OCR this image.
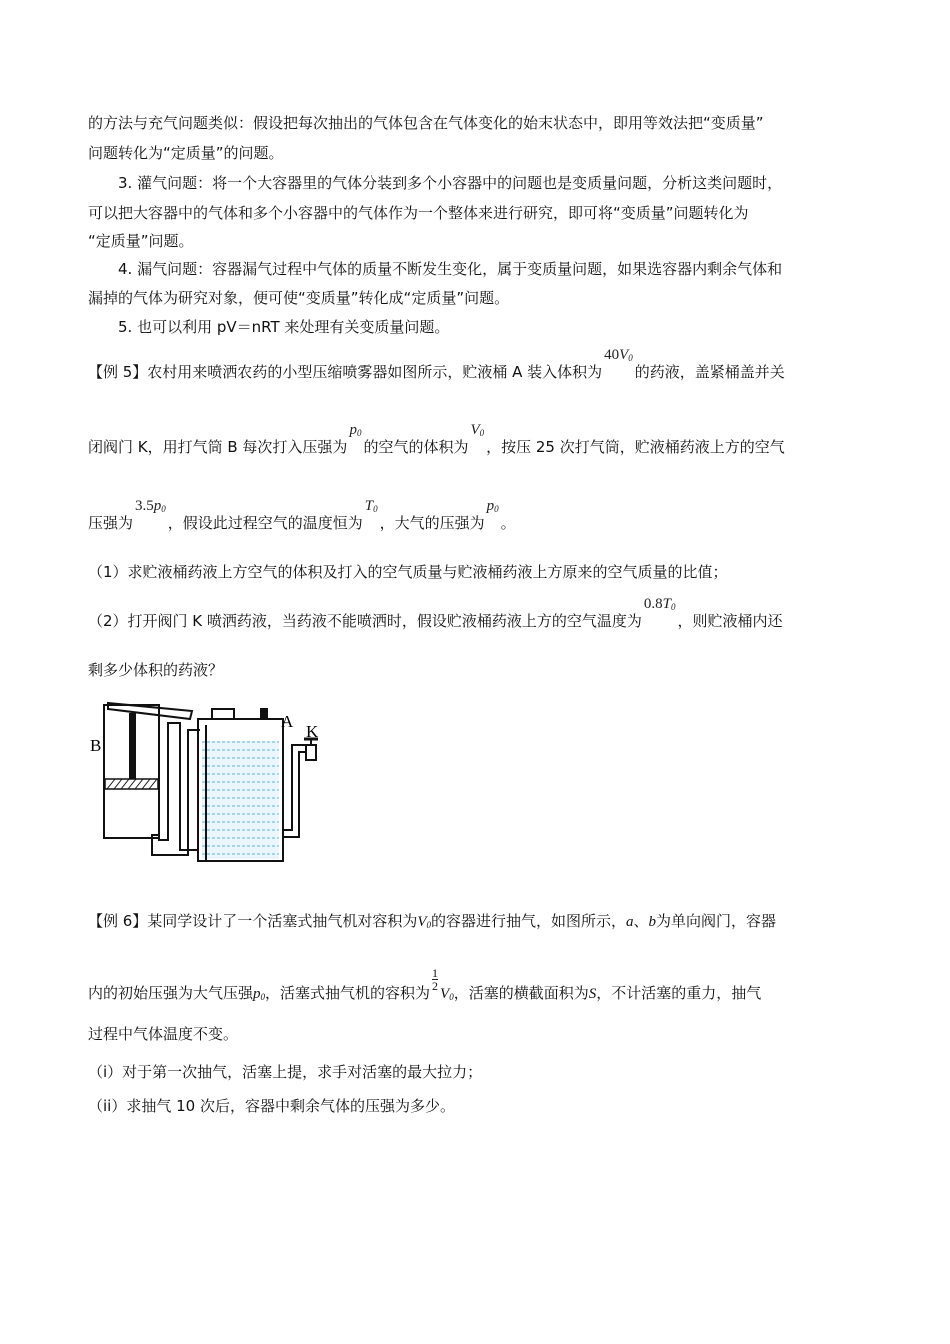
的方法与充气问题类似：假设把每次抽出的气体包含在气体变化的始末状态中，即用等效法把“变质量”
问题转化为“定质量”的问题。
3. 灌气问题：将一个大容器里的气体分装到多个小容器中的问题也是变质量问题，分析这类问题时，
可以把大容器中的气体和多个小容器中的气体作为一个整体来进行研究，即可将“变质量”问题转化为
“定质量”问题。
4. 漏气问题：容器漏气过程中气体的质量不断发生变化，属于变质量问题，如果选容器内剩余气体和
漏掉的气体为研究对象，便可使“变质量”转化成“定质量”问题。
5. 也可以利用 pV＝nRT 来处理有关变质量问题。
【例 5】农村用来喷洒农药的小型压缩喷雾器如图所示，贮液桶 A 装入体积为$40V_0$的药液，盖紧桶盖并关
闭阀门 K，用打气筒 B 每次打入压强为$p_0$的空气的体积为$V_0$，按压 25 次打气筒，贮液桶药液上方的空气
压强为$3.5p_0$，假设此过程空气的温度恒为$T_0$，大气的压强为$p_0$。
（1）求贮液桶药液上方空气的体积及打入的空气质量与贮液桶药液上方原来的空气质量的比值；
（2）打开阀门 K 喷洒药液，当药液不能喷洒时，假设贮液桶药液上方的空气温度为$0.8T_0$，则贮液桶内还
剩多少体积的药液？
B
A
K
【例 6】某同学设计了一个活塞式抽气机对容积为$V_0$的容器进行抽气，如图所示，a、b为单向阀门，容器
内的初始压强为大气压强$p_0$，活塞式抽气机的容积为
$\frac{1}{2}$
$V_0$，活塞的横截面积为S，不计活塞的重力，抽气
过程中气体温度不变。
（i）对于第一次抽气，活塞上提，求手对活塞的最大拉力；
（ii）求抽气 10 次后，容器中剩余气体的压强为多少。
